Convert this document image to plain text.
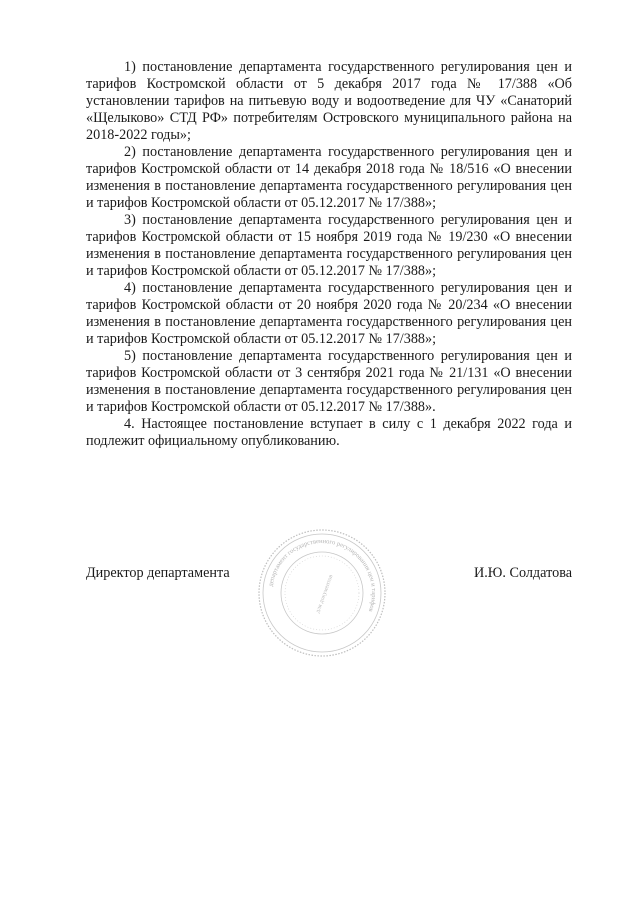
1) постановление департамента государственного регулирования цен и тарифов Костромской области от 5 декабря 2017 года № 17/388 «Об установлении тарифов на питьевую воду и водоотведение для ЧУ «Санаторий «Щелыково» СТД РФ» потребителям Островского муниципального района на 2018-2022 годы»;

2) постановление департамента государственного регулирования цен и тарифов Костромской области от 14 декабря 2018 года № 18/516 «О внесении изменения в постановление департамента государственного регулирования цен и тарифов Костромской области от 05.12.2017 № 17/388»;

3) постановление департамента государственного регулирования цен и тарифов Костромской области от 15 ноября 2019 года № 19/230 «О внесении изменения в постановление департамента государственного регулирования цен и тарифов Костромской области от 05.12.2017 № 17/388»;

4) постановление департамента государственного регулирования цен и тарифов Костромской области от 20 ноября 2020 года № 20/234 «О внесении изменения в постановление департамента государственного регулирования цен и тарифов Костромской области от 05.12.2017 № 17/388»;

5) постановление департамента государственного регулирования цен и тарифов Костромской области от 3 сентября 2021 года № 21/131 «О внесении изменения в постановление департамента государственного регулирования цен и тарифов Костромской области от 05.12.2017 № 17/388».

4. Настоящее постановление вступает в силу с 1 декабря 2022 года и подлежит официальному опубликованию.

департамент государственного регулирования цен и тарифов
для документов
Директор департамента	И.Ю. Солдатова
